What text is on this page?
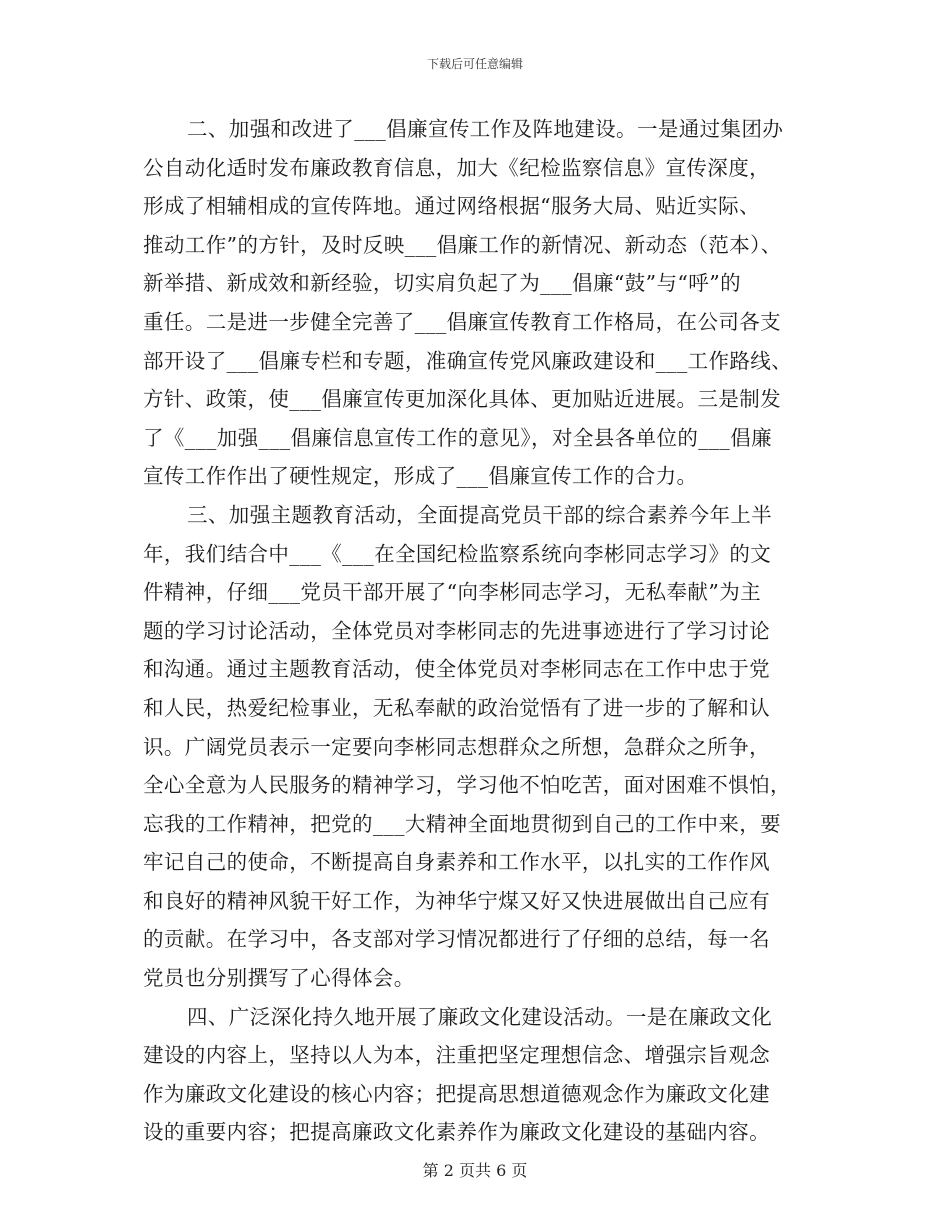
下载后可任意编辑
二、加强和改进了___倡廉宣传工作及阵地建设。一是通过集团办
公自动化适时发布廉政教育信息，加大《纪检监察信息》宣传深度，
形成了相辅相成的宣传阵地。通过网络根据“服务大局、贴近实际、
推动工作”的方针，及时反映___倡廉工作的新情况、新动态（范本）、
新举措、新成效和新经验，切实肩负起了为___倡廉“鼓”与“呼”的
重任。二是进一步健全完善了___倡廉宣传教育工作格局，在公司各支
部开设了___倡廉专栏和专题，准确宣传党风廉政建设和___工作路线、
方针、政策，使___倡廉宣传更加深化具体、更加贴近进展。三是制发
了《___加强___倡廉信息宣传工作的意见》，对全县各单位的___倡廉
宣传工作作出了硬性规定，形成了___倡廉宣传工作的合力。
三、加强主题教育活动，全面提高党员干部的综合素养今年上半
年，我们结合中___《___在全国纪检监察系统向李彬同志学习》的文
件精神，仔细___党员干部开展了“向李彬同志学习，无私奉献”为主
题的学习讨论活动，全体党员对李彬同志的先进事迹进行了学习讨论
和沟通。通过主题教育活动，使全体党员对李彬同志在工作中忠于党
和人民，热爱纪检事业，无私奉献的政治觉悟有了进一步的了解和认
识。广阔党员表示一定要向李彬同志想群众之所想，急群众之所争，
全心全意为人民服务的精神学习，学习他不怕吃苦，面对困难不惧怕，
忘我的工作精神，把党的___大精神全面地贯彻到自己的工作中来，要
牢记自己的使命，不断提高自身素养和工作水平，以扎实的工作作风
和良好的精神风貌干好工作，为神华宁煤又好又快进展做出自己应有
的贡献。在学习中，各支部对学习情况都进行了仔细的总结，每一名
党员也分别撰写了心得体会。
四、广泛深化持久地开展了廉政文化建设活动。一是在廉政文化
建设的内容上，坚持以人为本，注重把坚定理想信念、增强宗旨观念
作为廉政文化建设的核心内容；把提高思想道德观念作为廉政文化建
设的重要内容；把提高廉政文化素养作为廉政文化建设的基础内容。
第 2 页共 6 页
